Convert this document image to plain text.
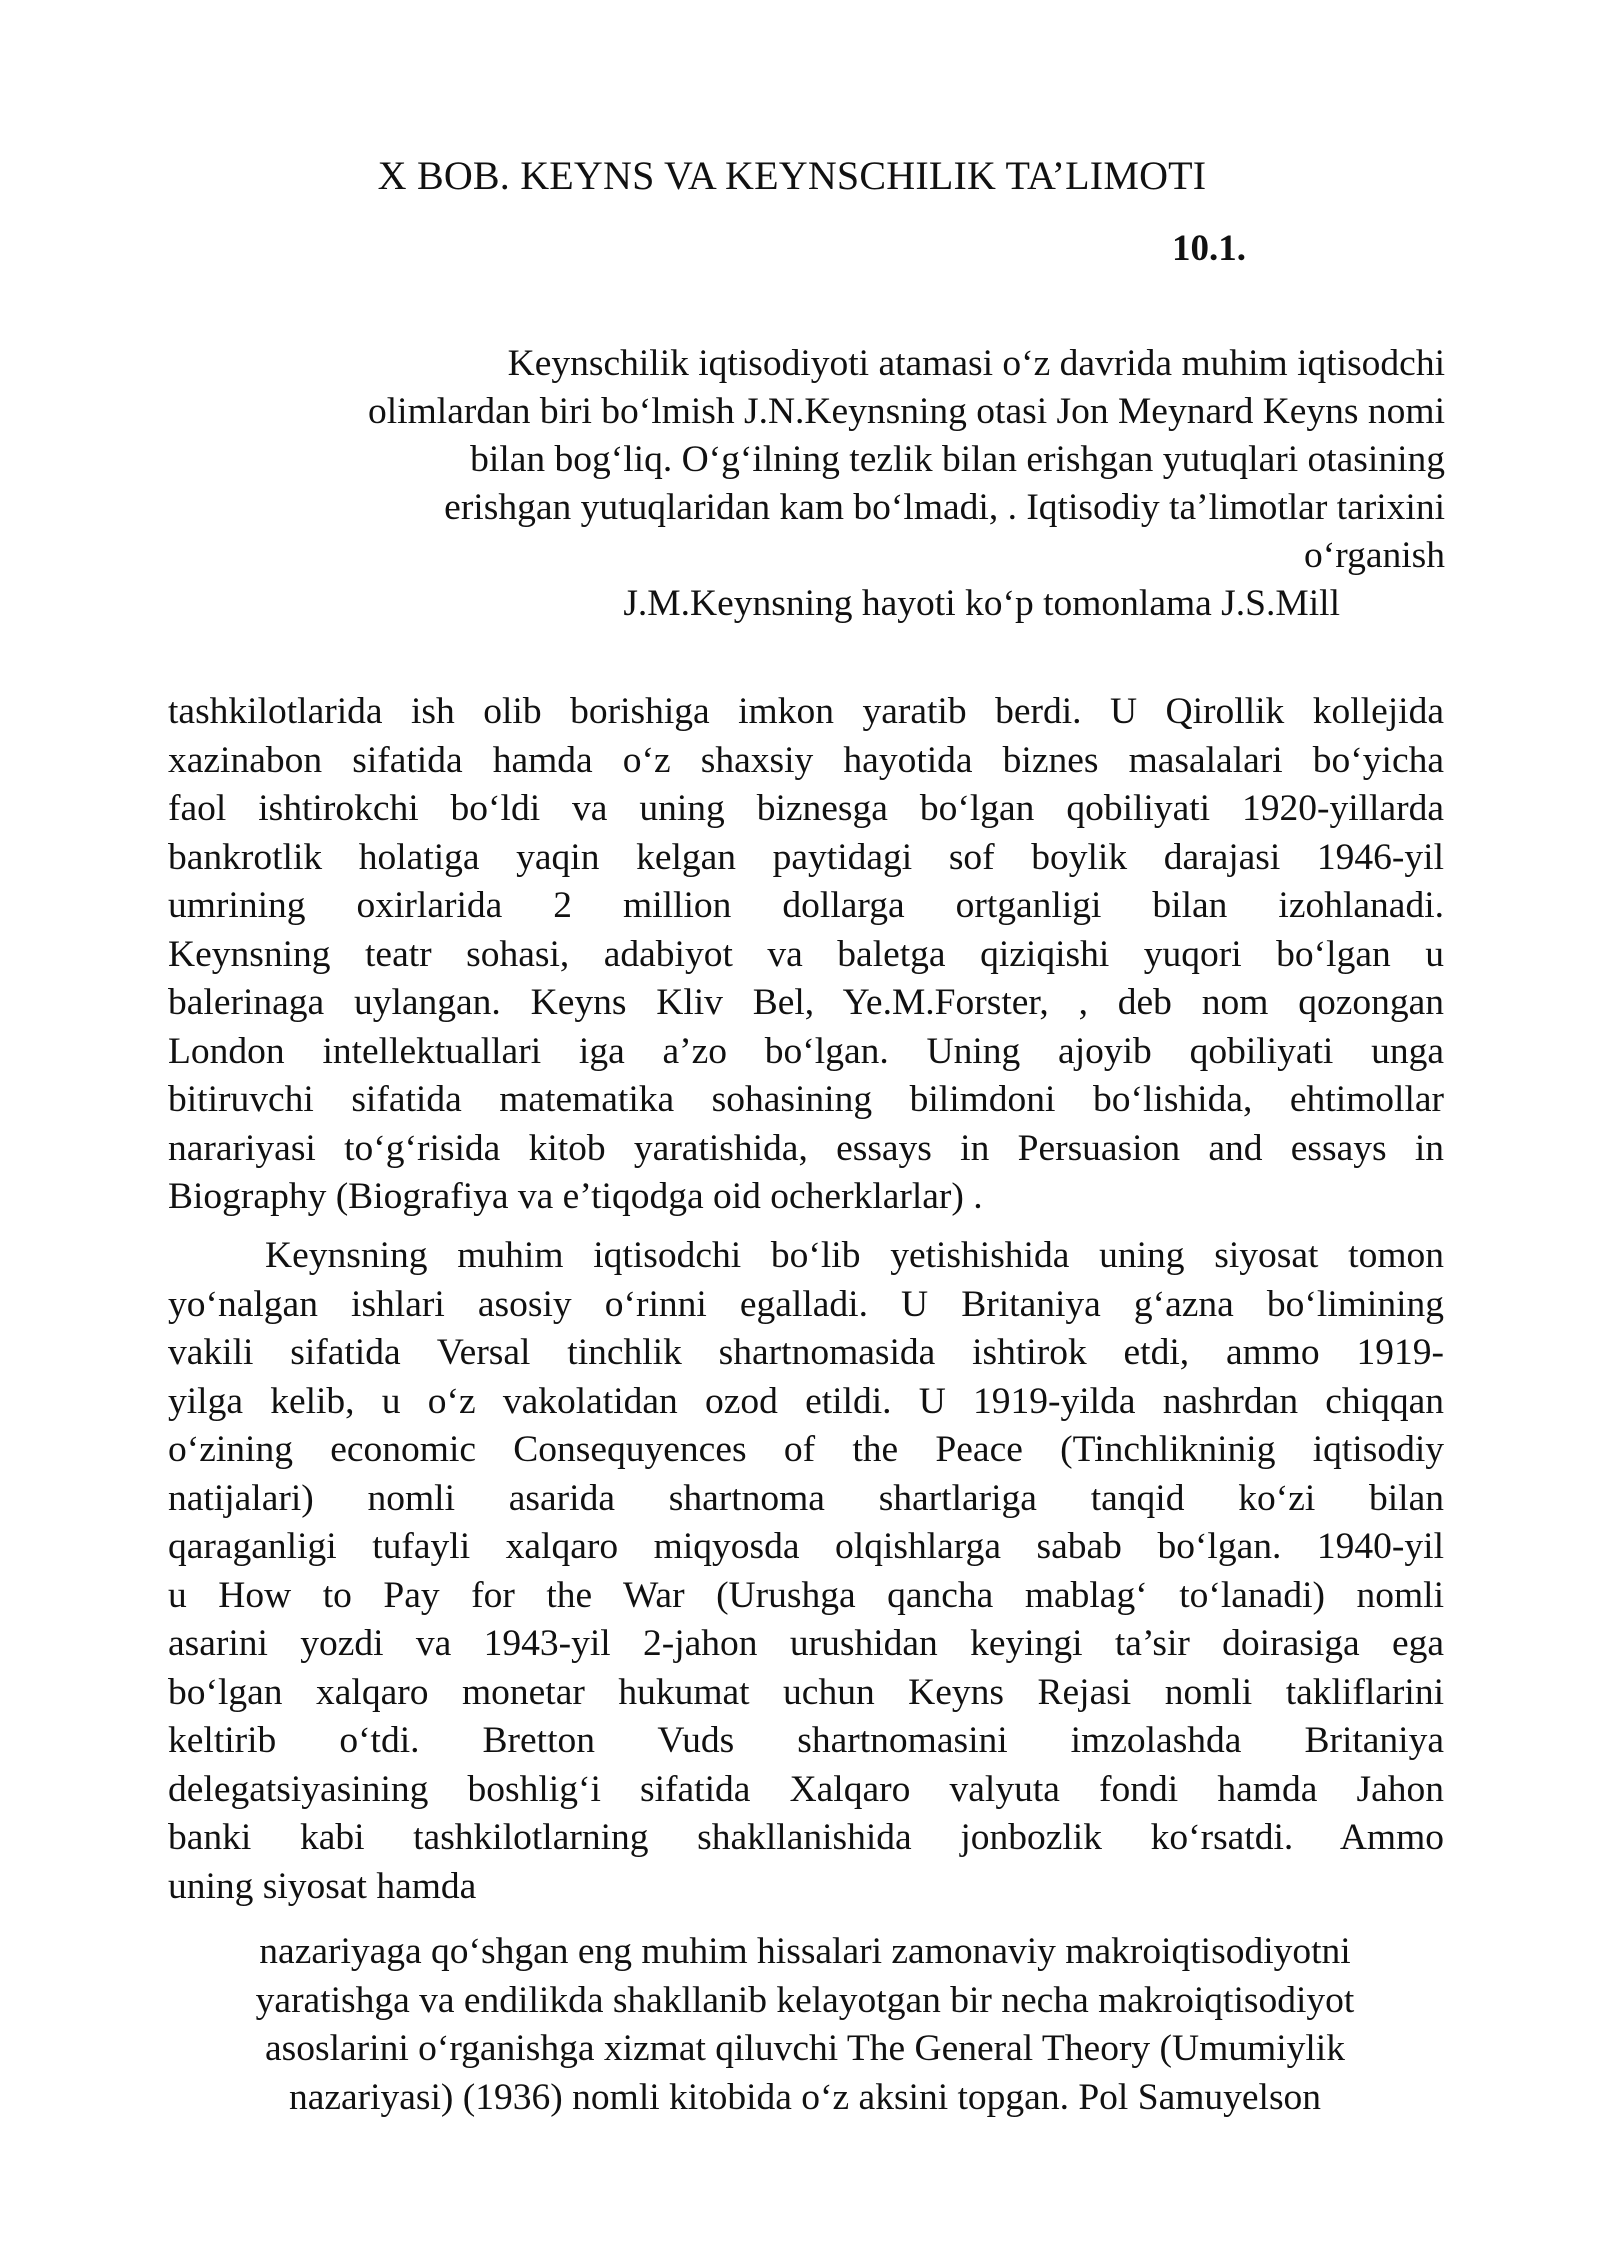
X BOB. KEYNS VA KEYNSCHILIK TA’LIMOTI
10.1.
Keynschilik iqtisodiyoti atamasi o‘z davrida muhim iqtisodchi
olimlardan biri bo‘lmish J.N.Keynsning otasi Jon Meynard Keyns nomi
bilan bog‘liq. O‘g‘ilning tezlik bilan erishgan yutuqlari otasining
erishgan yutuqlaridan kam bo‘lmadi, . Iqtisodiy ta’limotlar tarixini
o‘rganish
J.M.Keynsning hayoti ko‘p tomonlama J.S.Mill
tashkilotlarida ish olib borishiga imkon yaratib berdi. U Qirollik kollejida
xazinabon sifatida hamda o‘z shaxsiy hayotida biznes masalalari bo‘yicha
faol ishtirokchi bo‘ldi va uning biznesga bo‘lgan qobiliyati 1920-yillarda
bankrotlik holatiga yaqin kelgan paytidagi sof boylik darajasi 1946-yil
umrining oxirlarida 2 million dollarga ortganligi bilan izohlanadi.
Keynsning teatr sohasi, adabiyot va baletga qiziqishi yuqori bo‘lgan u
balerinaga uylangan. Keyns Kliv Bel, Ye.M.Forster, , deb nom qozongan
London intellektuallari iga a’zo bo‘lgan. Uning ajoyib qobiliyati unga
bitiruvchi sifatida matematika sohasining bilimdoni bo‘lishida, ehtimollar
narariyasi to‘g‘risida kitob yaratishida, essays in Persuasion and essays in
Biography (Biografiya va e’tiqodga oid ocherklarlar) .
Keynsning muhim iqtisodchi bo‘lib yetishishida uning siyosat tomon
yo‘nalgan ishlari asosiy o‘rinni egalladi. U Britaniya g‘azna bo‘limining
vakili sifatida Versal tinchlik shartnomasida ishtirok etdi, ammo 1919-
yilga kelib, u o‘z vakolatidan ozod etildi. U 1919-yilda nashrdan chiqqan
o‘zining economic Consequyences of the Peace (Tinchlikninig iqtisodiy
natijalari) nomli asarida shartnoma shartlariga tanqid ko‘zi bilan
qaraganligi tufayli xalqaro miqyosda olqishlarga sabab bo‘lgan. 1940-yil
u How to Pay for the War (Urushga qancha mablag‘ to‘lanadi) nomli
asarini yozdi va 1943-yil 2-jahon urushidan keyingi ta’sir doirasiga ega
bo‘lgan xalqaro monetar hukumat uchun Keyns Rejasi nomli takliflarini
keltirib o‘tdi. Bretton Vuds shartnomasini imzolashda Britaniya
delegatsiyasining boshlig‘i sifatida Xalqaro valyuta fondi hamda Jahon
banki kabi tashkilotlarning shakllanishida jonbozlik ko‘rsatdi. Ammo
uning siyosat hamda
nazariyaga qo‘shgan eng muhim hissalari zamonaviy makroiqtisodiyotni
yaratishga va endilikda shakllanib kelayotgan bir necha makroiqtisodiyot
asoslarini o‘rganishga xizmat qiluvchi The General Theory (Umumiylik
nazariyasi) (1936) nomli kitobida o‘z aksini topgan. Pol Samuyelson
